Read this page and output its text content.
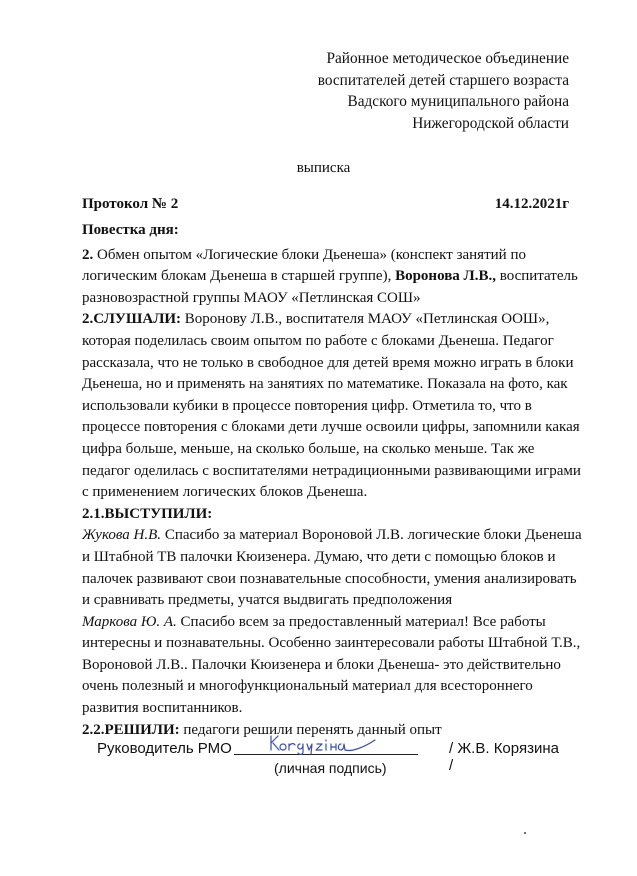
Районное методическое объединение
воспитателей детей старшего возраста
Вадского муниципального района
Нижегородской области
выписка
Протокол № 2	14.12.2021г

Повестка дня:

2. Обмен опытом «Логические блоки Дьенеша» (конспект занятий по логическим блокам Дьенеша в старшей группе), Воронова Л.В., воспитатель разновозрастной группы МАОУ «Петлинская СОШ»

2.СЛУШАЛИ: Воронову Л.В., воспитателя МАОУ «Петлинская ООШ», которая поделилась своим опытом по работе с блоками Дьенеша. Педагог рассказала, что не только в свободное для детей время можно играть в блоки Дьенеша, но и применять на занятиях по математике. Показала на фото, как использовали кубики в процессе повторения цифр. Отметила то, что в процессе повторения с блоками дети лучше освоили цифры, запомнили какая цифра больше, меньше, на сколько больше, на сколько меньше. Так же педагог оделилась с воспитателями нетрадиционными развивающими играми с применением логических блоков Дьенеша.

2.1.ВЫСТУПИЛИ:

Жукова Н.В. Спасибо за материал Вороновой Л.В. логические блоки Дьенеша и Штабной ТВ палочки Кюизенера. Думаю, что дети с помощью блоков и палочек развивают свои познавательные способности, умения анализировать и сравнивать предметы, учатся выдвигать предположения

Маркова Ю. А. Спасибо всем за предоставленный материал! Все работы интересны и познавательны. Особенно заинтересовали работы Штабной Т.В., Вороновой Л.В.. Палочки Кюизенера и блоки Дьенеша- это действительно очень полезный и многофункциональный материал для всестороннего развития воспитанников.

2.2.РЕШИЛИ: педагоги решили перенять данный опыт

Руководитель РМО	/ Ж.В. Корязина /
(личная подпись)
